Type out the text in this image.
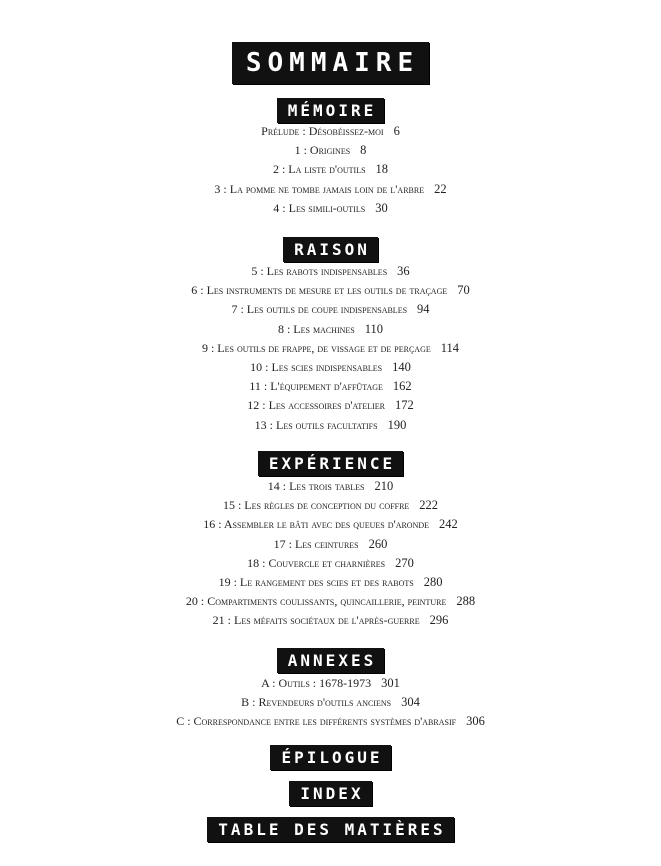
SOMMAIRE
MÉMOIRE
Prélude : Désobéissez-moi 6
1 : Origines 8
2 : La liste d'outils 18
3 : La pomme ne tombe jamais loin de l'arbre 22
4 : Les simili-outils 30
RAISON
5 : Les rabots indispensables 36
6 : Les instruments de mesure et les outils de traçage 70
7 : Les outils de coupe indispensables 94
8 : Les machines 110
9 : Les outils de frappe, de vissage et de perçage 114
10 : Les scies indispensables 140
11 : L'équipement d'affûtage 162
12 : Les accessoires d'atelier 172
13 : Les outils facultatifs 190
EXPÉRIENCE
14 : Les trois tables 210
15 : Les règles de conception du coffre 222
16 : Assembler le bâti avec des queues d'aronde 242
17 : Les ceintures 260
18 : Couvercle et charnières 270
19 : Le rangement des scies et des rabots 280
20 : Compartiments coulissants, quincaillerie, peinture 288
21 : Les méfaits sociétaux de l'après-guerre 296
ANNEXES
A : Outils : 1678-1973 301
B : Revendeurs d'outils anciens 304
C : Correspondance entre les différents systèmes d'abrasif 306
ÉPILOGUE
INDEX
TABLE DES MATIÈRES
